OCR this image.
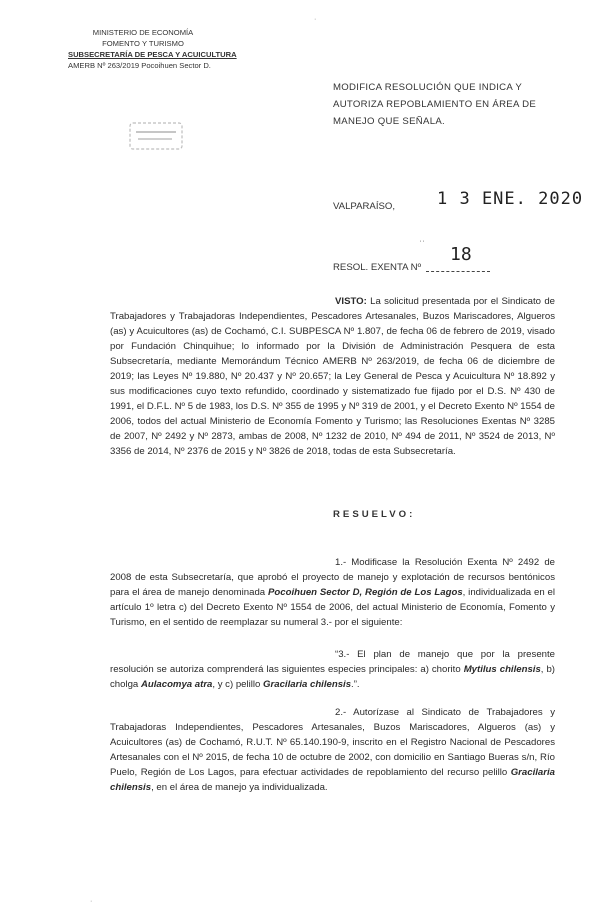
·
MINISTERIO DE ECONOMÍA
FOMENTO Y TURISMO
SUBSECRETARÍA DE PESCA Y ACUICULTURA
AMERB Nº 263/2019 Pocoihuen Sector D.
MODIFICA RESOLUCIÓN QUE INDICA Y AUTORIZA REPOBLAMIENTO EN ÁREA DE MANEJO QUE SEÑALA.
VALPARAÍSO, 1 3 ENE. 2020
' '
RESOL. EXENTA Nº
18

VISTO: La solicitud presentada por el Sindicato de Trabajadores y Trabajadoras Independientes, Pescadores Artesanales, Buzos Mariscadores, Algueros (as) y Acuicultores (as) de Cochamó, C.I. SUBPESCA Nº 1.807, de fecha 06 de febrero de 2019, visado por Fundación Chinquihue; lo informado por la División de Administración Pesquera de esta Subsecretaría, mediante Memorándum Técnico AMERB Nº 263/2019, de fecha 06 de diciembre de 2019; las Leyes Nº 19.880, Nº 20.437 y Nº 20.657; la Ley General de Pesca y Acuicultura Nº 18.892 y sus modificaciones cuyo texto refundido, coordinado y sistematizado fue fijado por el D.S. Nº 430 de 1991, el D.F.L. Nº 5 de 1983, los D.S. Nº 355 de 1995 y Nº 319 de 2001, y el Decreto Exento Nº 1554 de 2006, todos del actual Ministerio de Economía Fomento y Turismo; las Resoluciones Exentas Nº 3285 de 2007, Nº 2492 y Nº 2873, ambas de 2008, Nº 1232 de 2010, Nº 494 de 2011, Nº 3524 de 2013, Nº 3356 de 2014, Nº 2376 de 2015 y Nº 3826 de 2018, todas de esta Subsecretaría.

RESUELVO:

1.- Modificase la Resolución Exenta Nº 2492 de 2008 de esta Subsecretaría, que aprobó el proyecto de manejo y explotación de recursos bentónicos para el área de manejo denominada Pocoihuen Sector D, Región de Los Lagos, individualizada en el artículo 1º letra c) del Decreto Exento Nº 1554 de 2006, del actual Ministerio de Economía, Fomento y Turismo, en el sentido de reemplazar su numeral 3.- por el siguiente:

“3.- El plan de manejo que por la presente resolución se autoriza comprenderá las siguientes especies principales: a) chorito Mytilus chilensis, b) cholga Aulacomya atra, y c) pelillo Gracilaria chilensis.”.

2.- Autorízase al Sindicato de Trabajadores y Trabajadoras Independientes, Pescadores Artesanales, Buzos Mariscadores, Algueros (as) y Acuicultores (as) de Cochamó, R.U.T. Nº 65.140.190-9, inscrito en el Registro Nacional de Pescadores Artesanales con el Nº 2015, de fecha 10 de octubre de 2002, con domicilio en Santiago Bueras s/n, Río Puelo, Región de Los Lagos, para efectuar actividades de repoblamiento del recurso pelillo Gracilaria chilensis, en el área de manejo ya individualizada.

·
